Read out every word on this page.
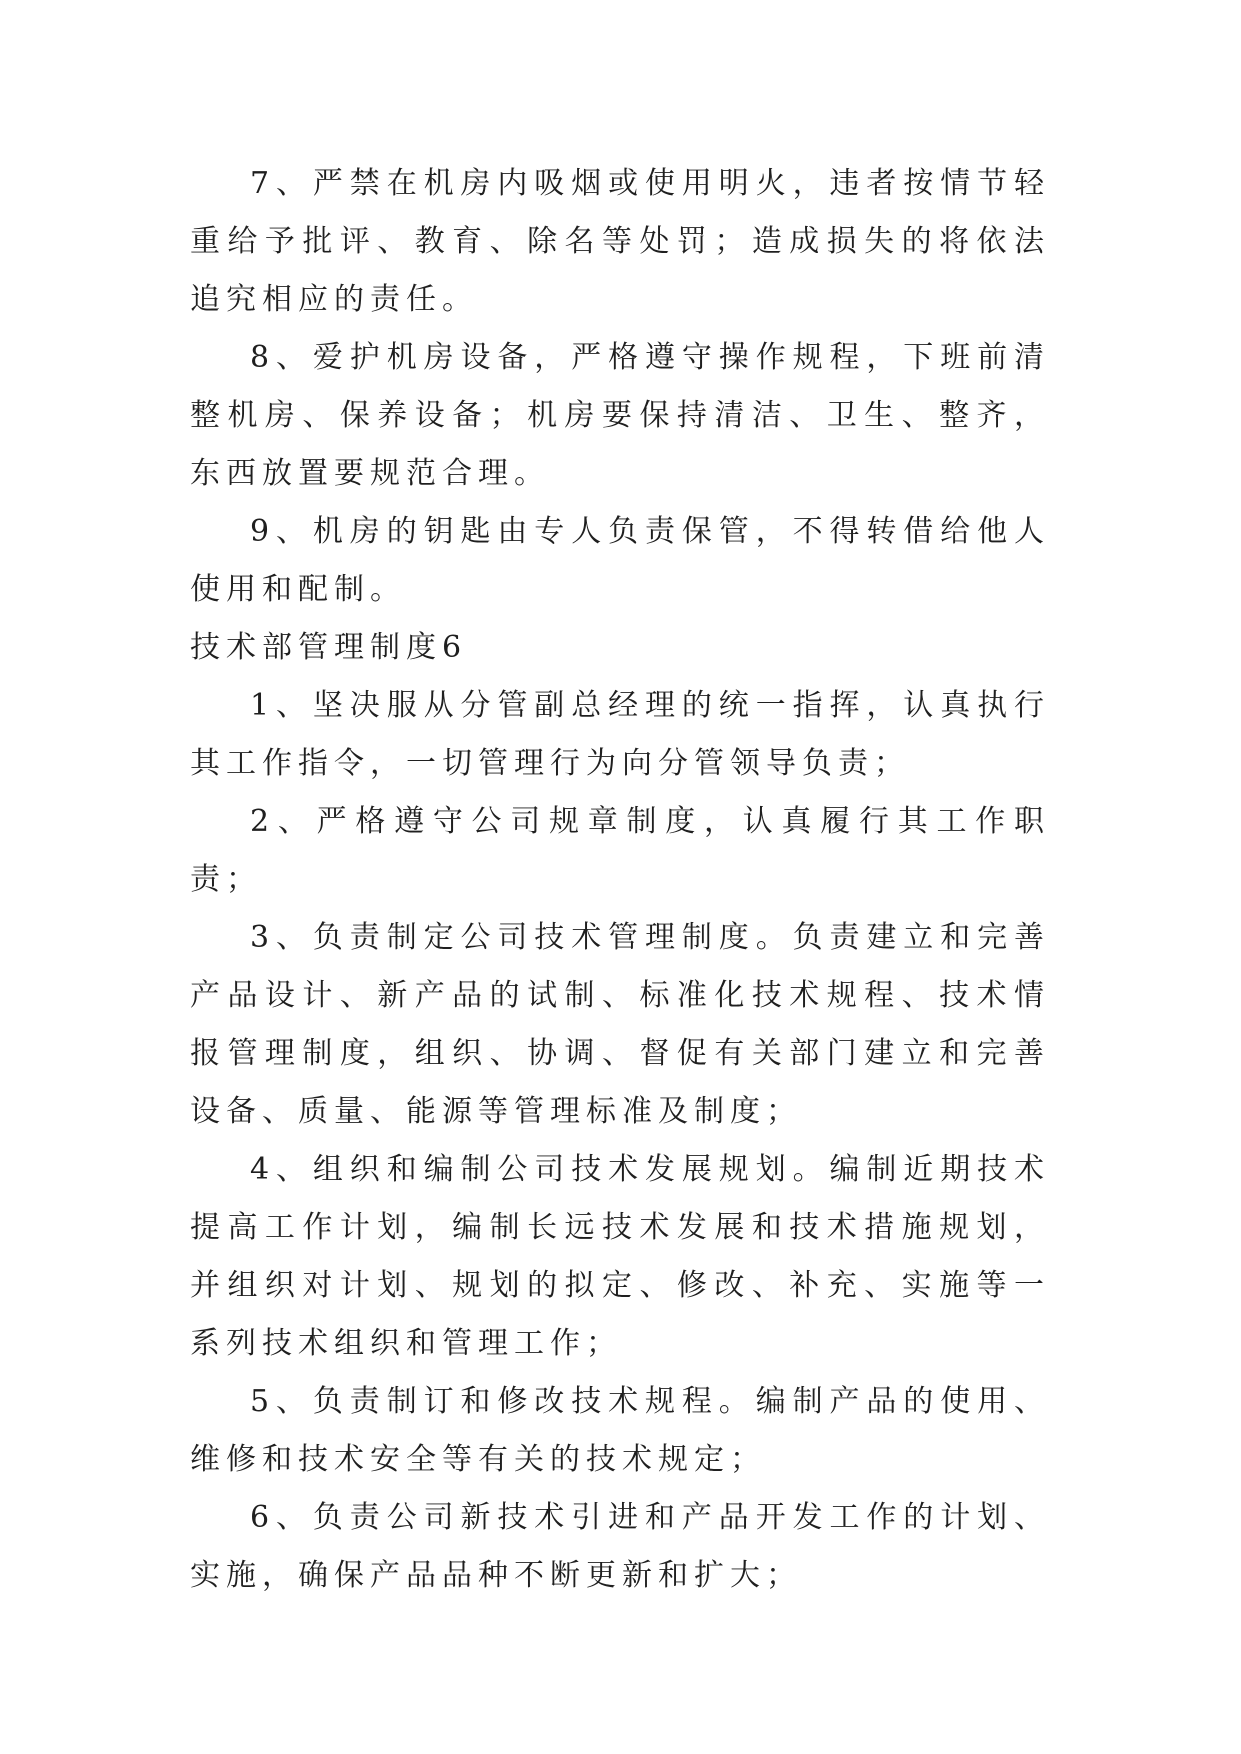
7、严禁在机房内吸烟或使用明火，违者按情节轻重给予批评、教育、除名等处罚；造成损失的将依法追究相应的责任。

8、爱护机房设备，严格遵守操作规程，下班前清整机房、保养设备；机房要保持清洁、卫生、整齐，东西放置要规范合理。

9、机房的钥匙由专人负责保管，不得转借给他人使用和配制。

技术部管理制度6

1、坚决服从分管副总经理的统一指挥，认真执行其工作指令，一切管理行为向分管领导负责；

2、严格遵守公司规章制度，认真履行其工作职责；

3、负责制定公司技术管理制度。负责建立和完善产品设计、新产品的试制、标准化技术规程、技术情报管理制度，组织、协调、督促有关部门建立和完善设备、质量、能源等管理标准及制度；

4、组织和编制公司技术发展规划。编制近期技术提高工作计划，编制长远技术发展和技术措施规划，并组织对计划、规划的拟定、修改、补充、实施等一系列技术组织和管理工作；

5、负责制订和修改技术规程。编制产品的使用、维修和技术安全等有关的技术规定；

6、负责公司新技术引进和产品开发工作的计划、实施，确保产品品种不断更新和扩大；
